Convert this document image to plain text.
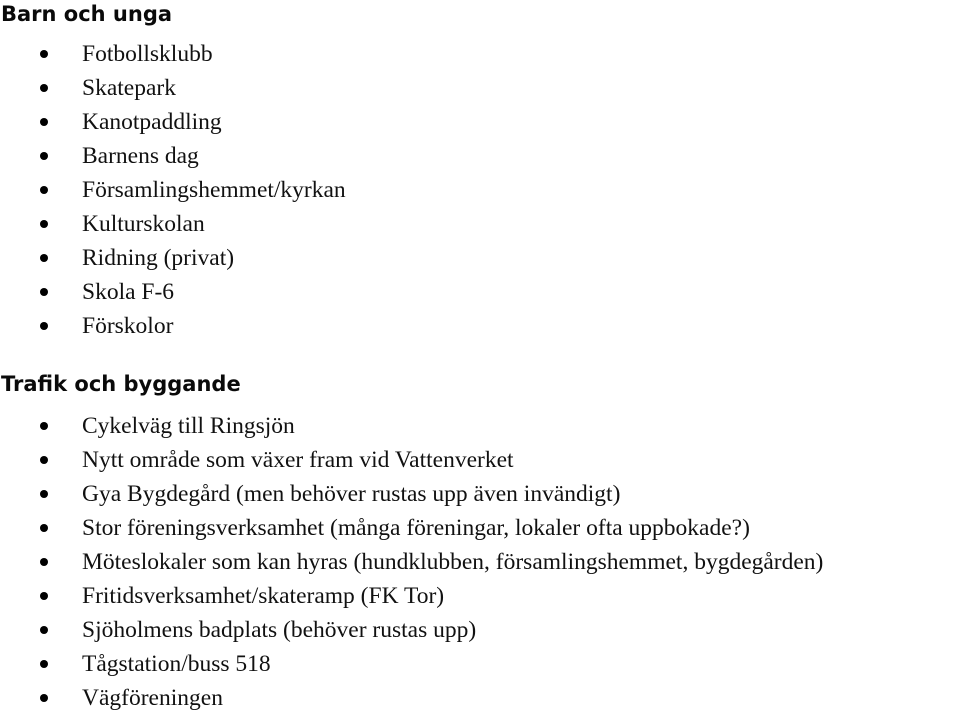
Barn och unga
Fotbollsklubb
Skatepark
Kanotpaddling
Barnens dag
Församlingshemmet/kyrkan
Kulturskolan
Ridning (privat)
Skola F-6
Förskolor
Trafik och byggande
Cykelväg till Ringsjön
Nytt område som växer fram vid Vattenverket
Gya Bygdegård (men behöver rustas upp även invändigt)
Stor föreningsverksamhet (många föreningar, lokaler ofta uppbokade?)
Möteslokaler som kan hyras (hundklubben, församlingshemmet, bygdegården)
Fritidsverksamhet/skateramp (FK Tor)
Sjöholmens badplats (behöver rustas upp)
Tågstation/buss 518
Vägföreningen
